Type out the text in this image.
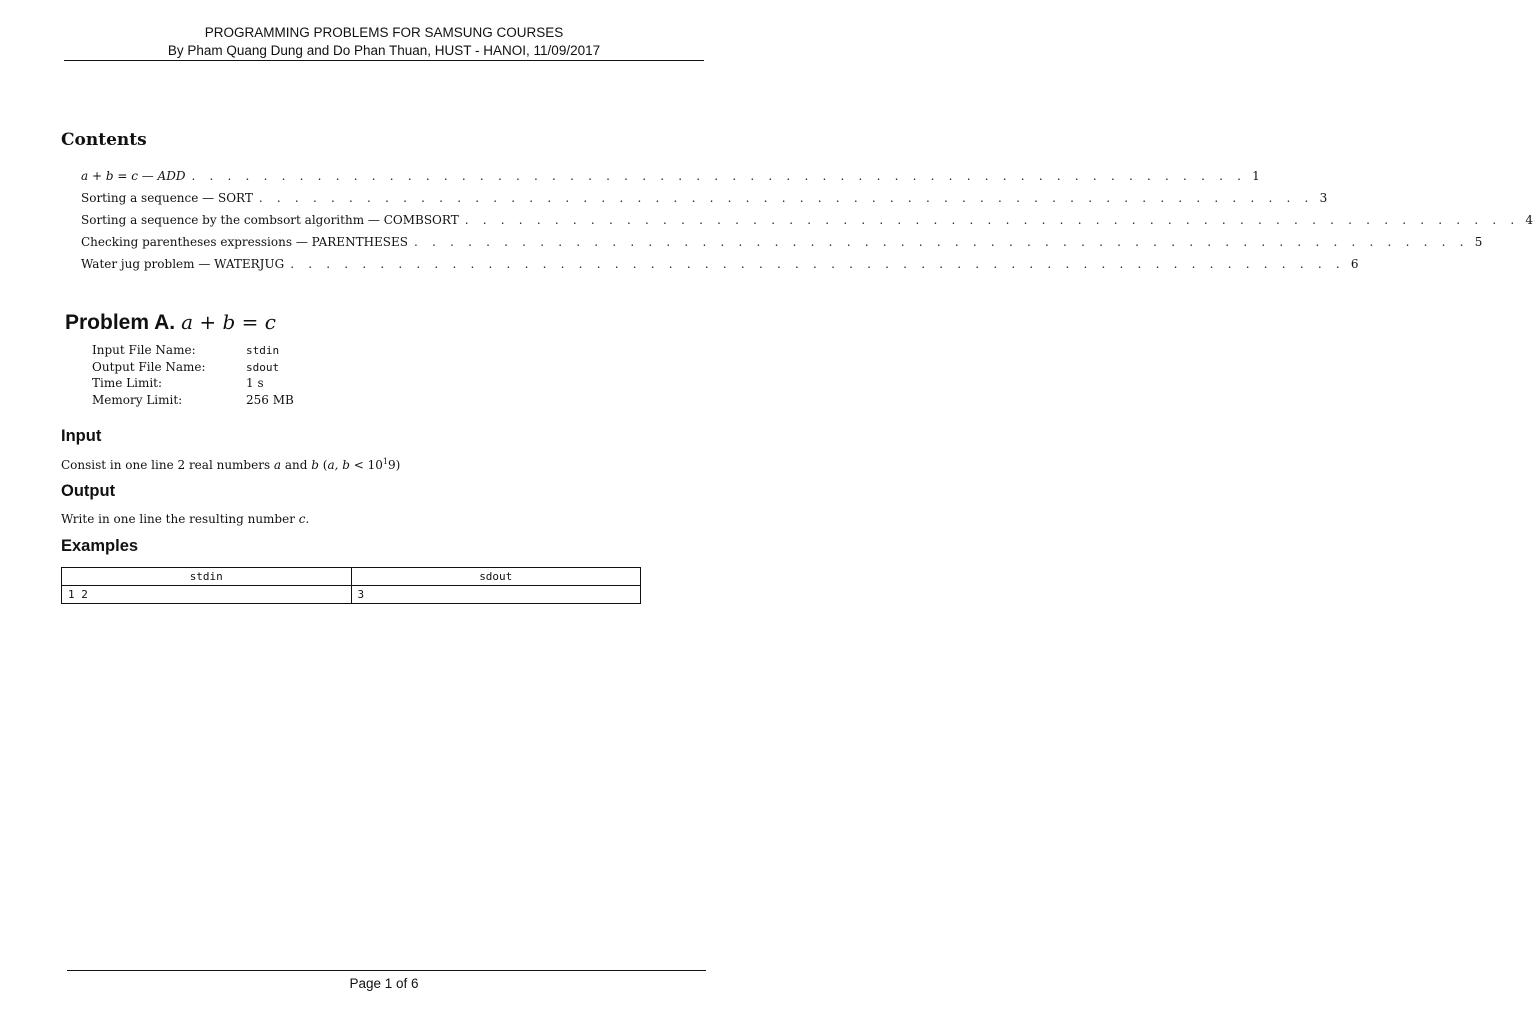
PROGRAMMING PROBLEMS FOR SAMSUNG COURSES
By Pham Quang Dung and Do Phan Thuan, HUST - HANOI, 11/09/2017
Contents
a + b = c — ADD . . . . . . . . . . . . . . . . . . . . . . . . . . . . . . . . . . . . . . . . . . . . . . . . . . . . . . . . . . . 1
Sorting a sequence — SORT . . . . . . . . . . . . . . . . . . . . . . . . . . . . . . . . . . . . . . . . . . . . . . . . . . . . . . . . . . . 3
Sorting a sequence by the combsort algorithm — COMBSORT . . . . . . . . . . . . . . . . . . . . . . . . . . . . . . . . . . . . . . . . . . . . . . . . . . . . . . . . . . . 4
Checking parentheses expressions — PARENTHESES . . . . . . . . . . . . . . . . . . . . . . . . . . . . . . . . . . . . . . . . . . . . . . . . . . . . . . . . . . . 5
Water jug problem — WATERJUG . . . . . . . . . . . . . . . . . . . . . . . . . . . . . . . . . . . . . . . . . . . . . . . . . . . . . . . . . . . 6
Problem A. a + b = c
Input File Name:	stdin
Output File Name:	sdout
Time Limit:	1 s
Memory Limit:	256 MB
Input
Consist in one line 2 real numbers a and b (a, $b < 10^19$)
Output
Write in one line the resulting number c.
Examples
stdin	sdout
1 2	3
Page 1 of 6
